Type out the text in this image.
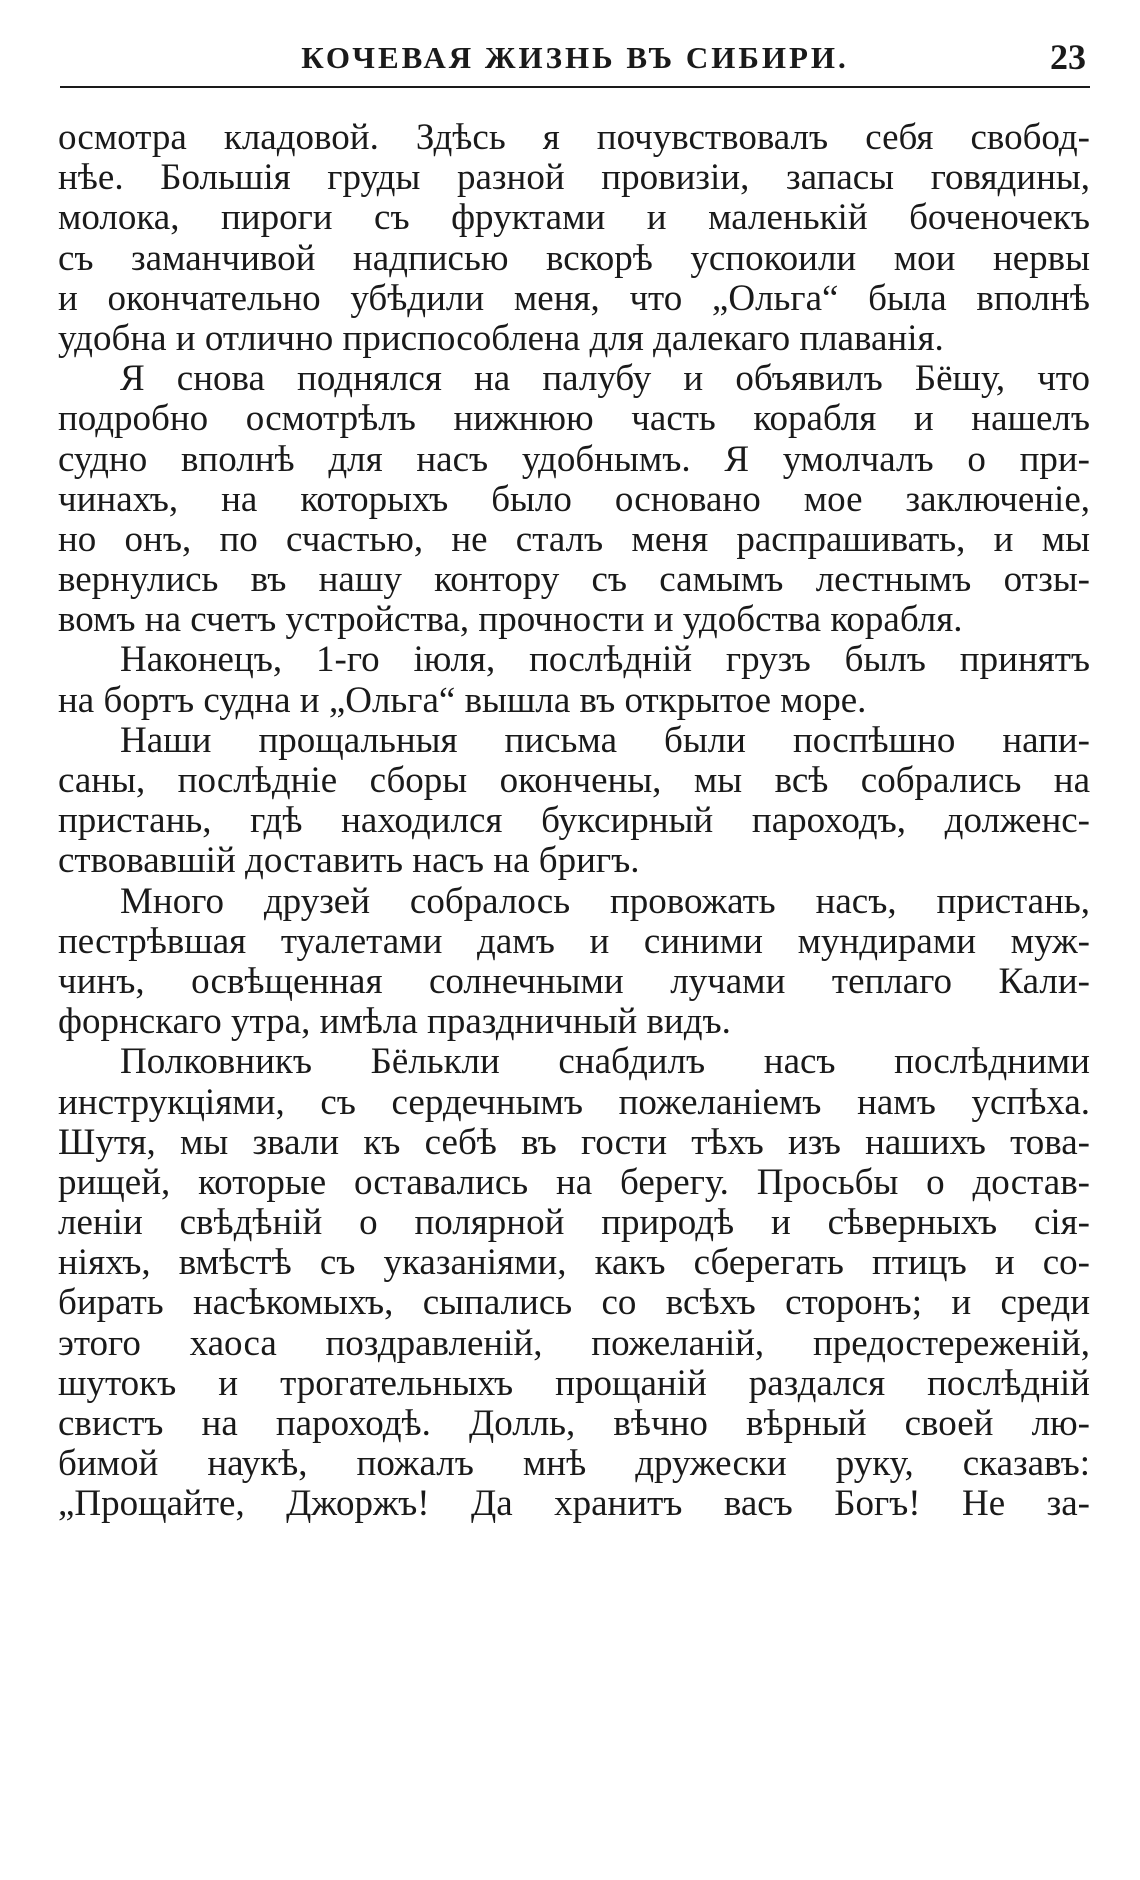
КОЧЕВАЯ ЖИЗНЬ ВЪ СИБИРИ.	23
осмотра кладовой. Здѣсь я почувствовалъ себя свобод-
нѣе. Большія груды разной провизіи, запасы говядины,
молока, пироги съ фруктами и маленькій боченочекъ
съ заманчивой надписью вскорѣ успокоили мои нервы
и окончательно убѣдили меня, что „Ольга“ была вполнѣ
удобна и отлично приспособлена для далекаго плаванія.
Я снова поднялся на палубу и объявилъ Бёшу, что
подробно осмотрѣлъ нижнюю часть корабля и нашелъ
судно вполнѣ для насъ удобнымъ. Я умолчалъ о при-
чинахъ, на которыхъ было основано мое заключеніе,
но онъ, по счастью, не сталъ меня распрашивать, и мы
вернулись въ нашу контору съ самымъ лестнымъ отзы-
вомъ на счетъ устройства, прочности и удобства корабля.
Наконецъ, 1-го іюля, послѣдній грузъ былъ принятъ
на бортъ судна и „Ольга“ вышла въ открытое море.
Наши прощальныя письма были поспѣшно напи-
саны, послѣдніе сборы окончены, мы всѣ собрались на
пристань, гдѣ находился буксирный пароходъ, долженс-
ствовавшій доставить насъ на бригъ.
Много друзей собралось провожать насъ, пристань,
пестрѣвшая туалетами дамъ и синими мундирами муж-
чинъ, освѣщенная солнечными лучами теплаго Кали-
форнскаго утра, имѣла праздничный видъ.
Полковникъ Бёлькли снабдилъ насъ послѣдними
инструкціями, съ сердечнымъ пожеланіемъ намъ успѣха.
Шутя, мы звали къ себѣ въ гости тѣхъ изъ нашихъ това-
рищей, которые оставались на берегу. Просьбы о достав-
леніи свѣдѣній о полярной природѣ и сѣверныхъ сія-
ніяхъ, вмѣстѣ съ указаніями, какъ сберегать птицъ и со-
бирать насѣкомыхъ, сыпались со всѣхъ сторонъ; и среди
этого хаоса поздравленій, пожеланій, предостереженій,
шутокъ и трогательныхъ прощаній раздался послѣдній
свистъ на пароходѣ. Долль, вѣчно вѣрный своей лю-
бимой наукѣ, пожалъ мнѣ дружески руку, сказавъ:
„Прощайте, Джоржъ! Да хранитъ васъ Богъ! Не за-
